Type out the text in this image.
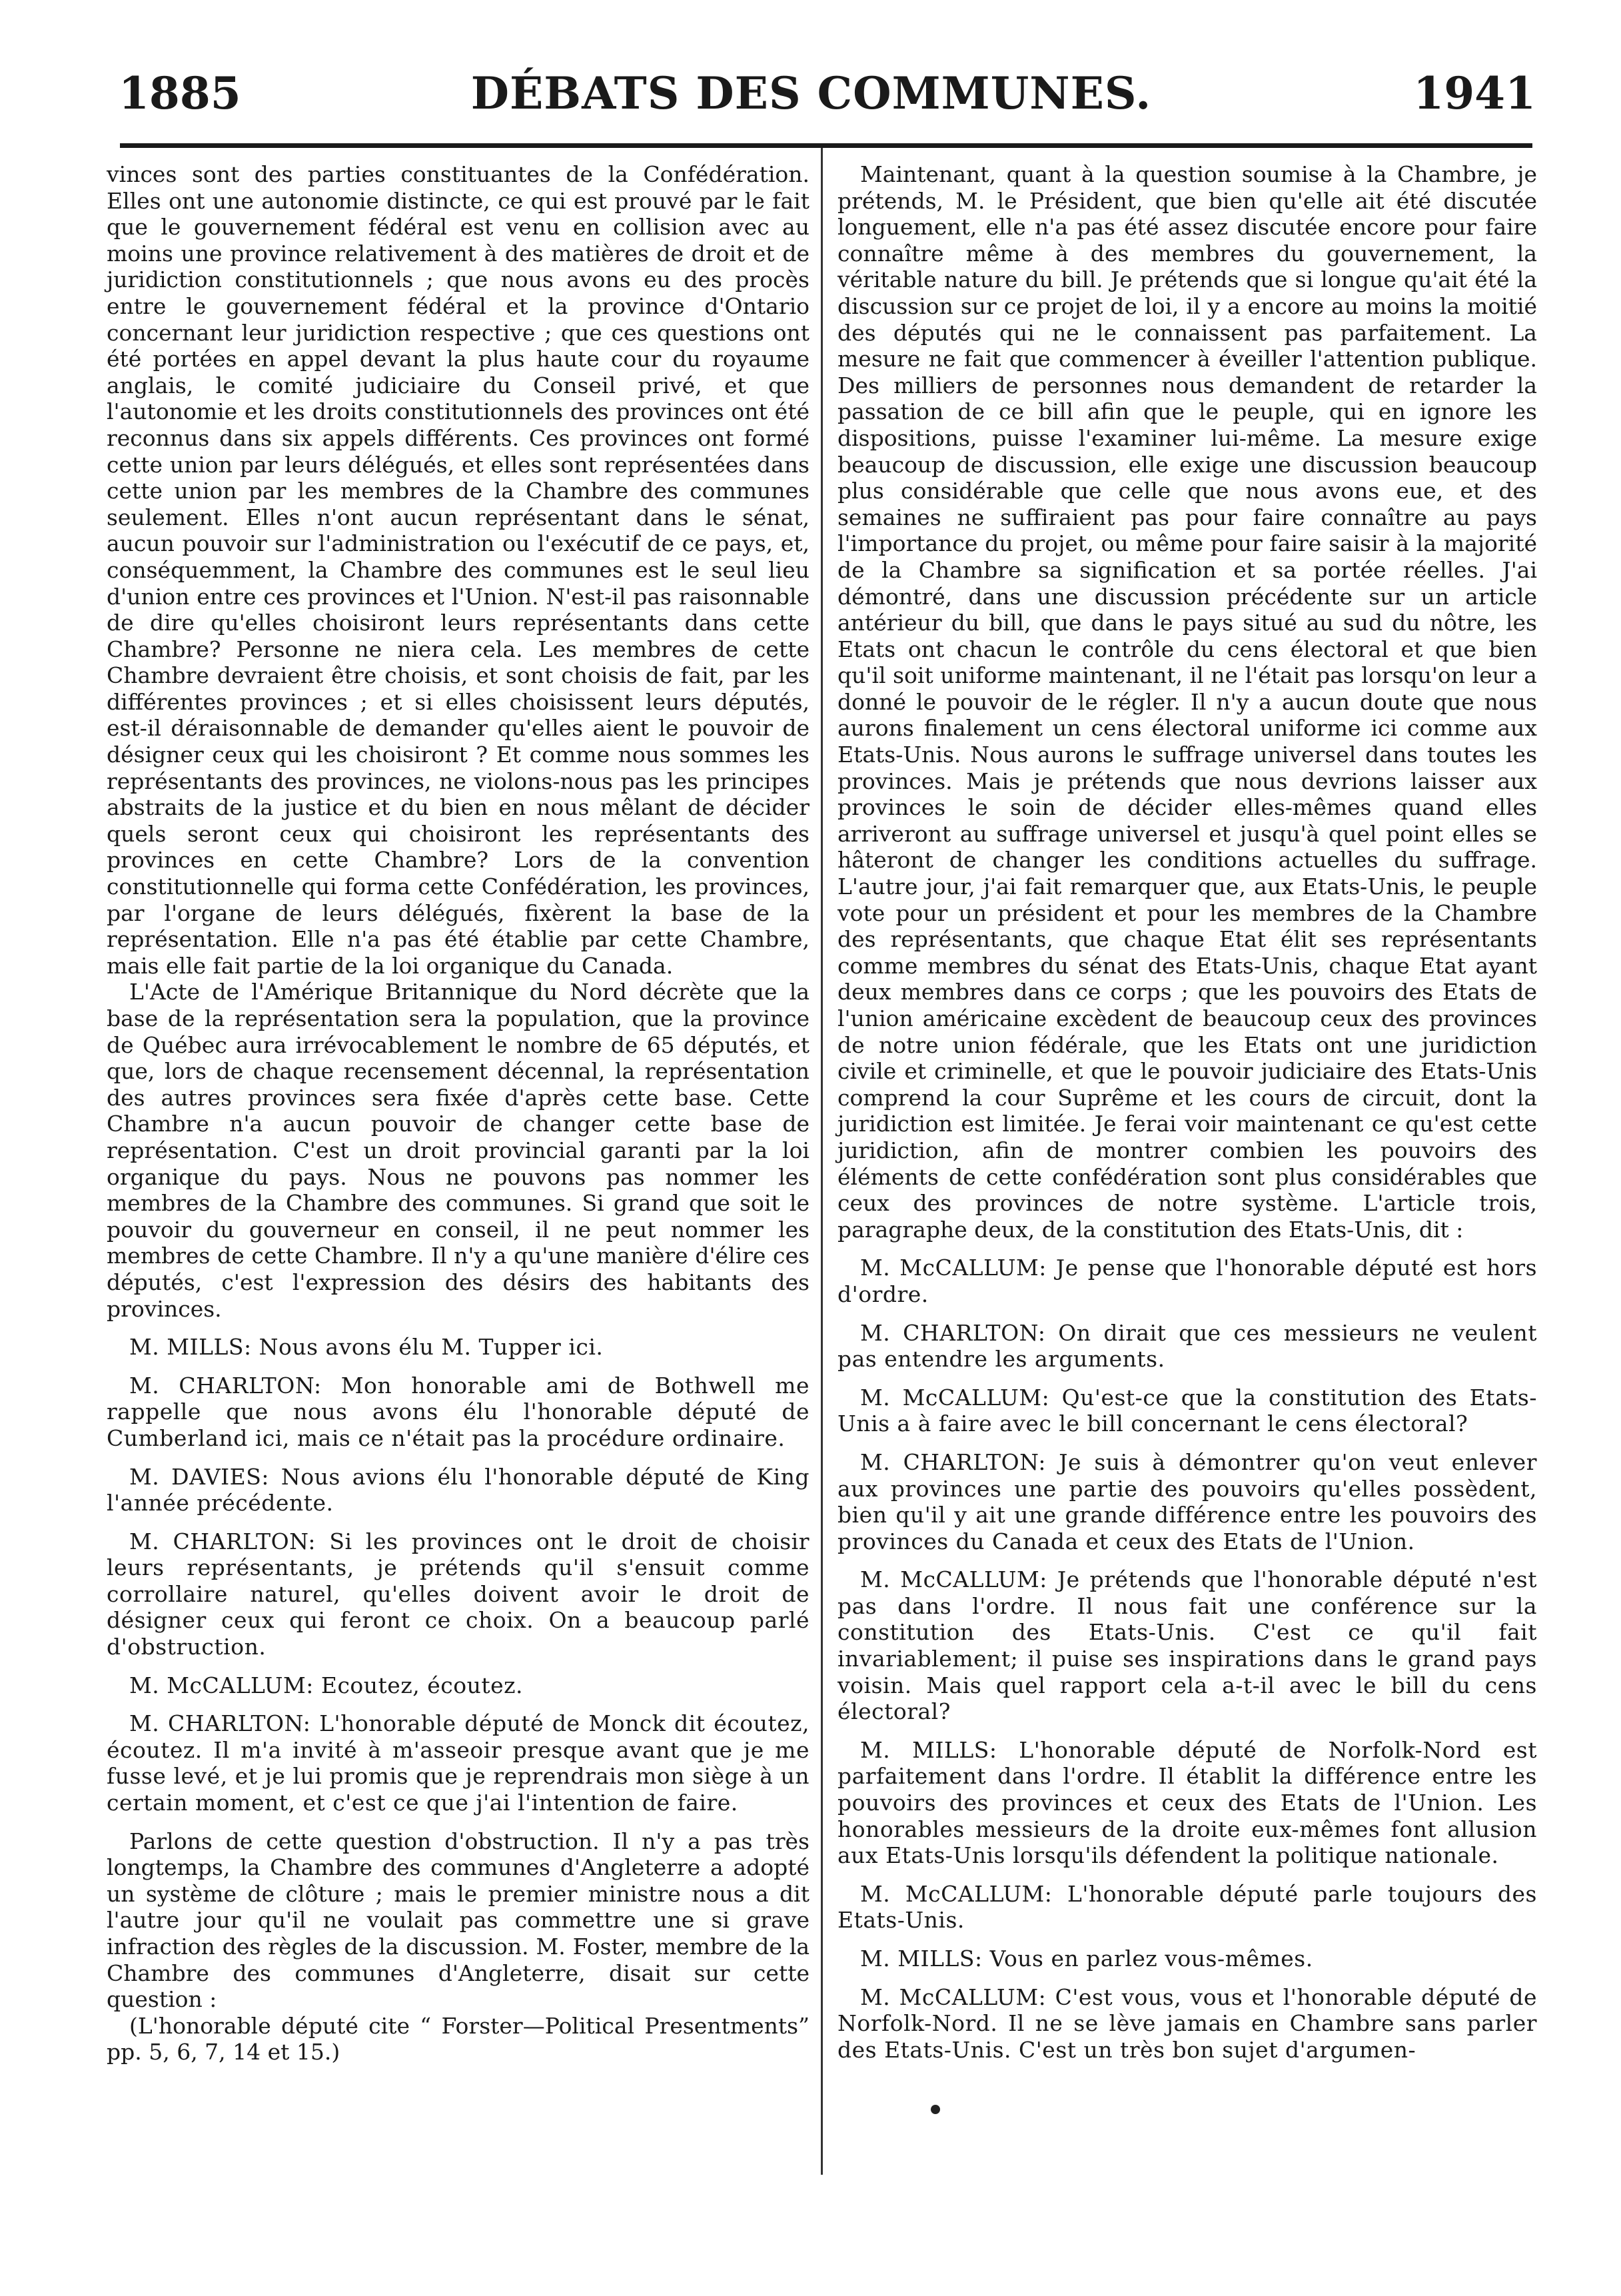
1885	DÉBATS DES COMMUNES.	1941

vinces sont des parties constituantes de la Confédération. Elles ont une autonomie distincte, ce qui est prouvé par le fait que le gouvernement fédéral est venu en collision avec au moins une province relativement à des matières de droit et de juridiction constitutionnels ; que nous avons eu des procès entre le gouvernement fédéral et la province d'Ontario concernant leur juridiction respective ; que ces questions ont été portées en appel devant la plus haute cour du royaume anglais, le comité judiciaire du Conseil privé, et que l'autonomie et les droits constitutionnels des provinces ont été reconnus dans six appels différents. Ces provinces ont formé cette union par leurs délégués, et elles sont représentées dans cette union par les membres de la Chambre des communes seulement. Elles n'ont aucun représentant dans le sénat, aucun pouvoir sur l'administration ou l'exécutif de ce pays, et, conséquemment, la Chambre des communes est le seul lieu d'union entre ces provinces et l'Union. N'est-il pas raisonnable de dire qu'elles choisiront leurs représentants dans cette Chambre? Personne ne niera cela. Les membres de cette Chambre devraient être choisis, et sont choisis de fait, par les différentes provinces ; et si elles choisissent leurs députés, est-il déraisonnable de demander qu'elles aient le pouvoir de désigner ceux qui les choisiront ? Et comme nous sommes les représentants des provinces, ne violons-nous pas les principes abstraits de la justice et du bien en nous mêlant de décider quels seront ceux qui choisiront les représentants des provinces en cette Chambre? Lors de la convention constitutionnelle qui forma cette Confédération, les provinces, par l'organe de leurs délégués, fixèrent la base de la représentation. Elle n'a pas été établie par cette Chambre, mais elle fait partie de la loi organique du Canada.

L'Acte de l'Amérique Britannique du Nord décrète que la base de la représentation sera la population, que la province de Québec aura irrévocablement le nombre de 65 députés, et que, lors de chaque recensement décennal, la représentation des autres provinces sera fixée d'après cette base. Cette Chambre n'a aucun pouvoir de changer cette base de représentation. C'est un droit provincial garanti par la loi organique du pays. Nous ne pouvons pas nommer les membres de la Chambre des communes. Si grand que soit le pouvoir du gouverneur en conseil, il ne peut nommer les membres de cette Chambre. Il n'y a qu'une manière d'élire ces députés, c'est l'expression des désirs des habitants des provinces.

M. MILLS: Nous avons élu M. Tupper ici.

M. CHARLTON: Mon honorable ami de Bothwell me rappelle que nous avons élu l'honorable député de Cumberland ici, mais ce n'était pas la procédure ordinaire.

M. DAVIES: Nous avions élu l'honorable député de King l'année précédente.

M. CHARLTON: Si les provinces ont le droit de choisir leurs représentants, je prétends qu'il s'ensuit comme corrollaire naturel, qu'elles doivent avoir le droit de désigner ceux qui feront ce choix. On a beaucoup parlé d'obstruction.

M. McCALLUM: Ecoutez, écoutez.

M. CHARLTON: L'honorable député de Monck dit écoutez, écoutez. Il m'a invité à m'asseoir presque avant que je me fusse levé, et je lui promis que je reprendrais mon siège à un certain moment, et c'est ce que j'ai l'intention de faire.

Parlons de cette question d'obstruction. Il n'y a pas très longtemps, la Chambre des communes d'Angleterre a adopté un système de clôture ; mais le premier ministre nous a dit l'autre jour qu'il ne voulait pas commettre une si grave infraction des règles de la discussion. M. Foster, membre de la Chambre des communes d'Angleterre, disait sur cette question :

(L'honorable député cite “ Forster—Political Presentments” pp. 5, 6, 7, 14 et 15.)

Maintenant, quant à la question soumise à la Chambre, je prétends, M. le Président, que bien qu'elle ait été discutée longuement, elle n'a pas été assez discutée encore pour faire connaître même à des membres du gouvernement, la véritable nature du bill. Je prétends que si longue qu'ait été la discussion sur ce projet de loi, il y a encore au moins la moitié des députés qui ne le connaissent pas parfaitement. La mesure ne fait que commencer à éveiller l'attention publique. Des milliers de personnes nous demandent de retarder la passation de ce bill afin que le peuple, qui en ignore les dispositions, puisse l'examiner lui-même. La mesure exige beaucoup de discussion, elle exige une discussion beaucoup plus considérable que celle que nous avons eue, et des semaines ne suffiraient pas pour faire connaître au pays l'importance du projet, ou même pour faire saisir à la majorité de la Chambre sa signification et sa portée réelles. J'ai démontré, dans une discussion précédente sur un article antérieur du bill, que dans le pays situé au sud du nôtre, les Etats ont chacun le contrôle du cens électoral et que bien qu'il soit uniforme maintenant, il ne l'était pas lorsqu'on leur a donné le pouvoir de le régler. Il n'y a aucun doute que nous aurons finalement un cens électoral uniforme ici comme aux Etats-Unis. Nous aurons le suffrage universel dans toutes les provinces. Mais je prétends que nous devrions laisser aux provinces le soin de décider elles-mêmes quand elles arriveront au suffrage universel et jusqu'à quel point elles se hâteront de changer les conditions actuelles du suffrage. L'autre jour, j'ai fait remarquer que, aux Etats-Unis, le peuple vote pour un président et pour les membres de la Chambre des représentants, que chaque Etat élit ses représentants comme membres du sénat des Etats-Unis, chaque Etat ayant deux membres dans ce corps ; que les pouvoirs des Etats de l'union américaine excèdent de beaucoup ceux des provinces de notre union fédérale, que les Etats ont une juridiction civile et criminelle, et que le pouvoir judiciaire des Etats-Unis comprend la cour Suprême et les cours de circuit, dont la juridiction est limitée. Je ferai voir maintenant ce qu'est cette juridiction, afin de montrer combien les pouvoirs des éléments de cette confédération sont plus considérables que ceux des provinces de notre système. L'article trois, paragraphe deux, de la constitution des Etats-Unis, dit :

M. McCALLUM: Je pense que l'honorable député est hors d'ordre.

M. CHARLTON: On dirait que ces messieurs ne veulent pas entendre les arguments.

M. McCALLUM: Qu'est-ce que la constitution des Etats-Unis a à faire avec le bill concernant le cens électoral?

M. CHARLTON: Je suis à démontrer qu'on veut enlever aux provinces une partie des pouvoirs qu'elles possèdent, bien qu'il y ait une grande différence entre les pouvoirs des provinces du Canada et ceux des Etats de l'Union.

M. McCALLUM: Je prétends que l'honorable député n'est pas dans l'ordre. Il nous fait une conférence sur la constitution des Etats-Unis. C'est ce qu'il fait invariablement; il puise ses inspirations dans le grand pays voisin. Mais quel rapport cela a-t-il avec le bill du cens électoral?

M. MILLS: L'honorable député de Norfolk-Nord est parfaitement dans l'ordre. Il établit la différence entre les pouvoirs des provinces et ceux des Etats de l'Union. Les honorables messieurs de la droite eux-mêmes font allusion aux Etats-Unis lorsqu'ils défendent la politique nationale.

M. McCALLUM: L'honorable député parle toujours des Etats-Unis.

M. MILLS: Vous en parlez vous-mêmes.

M. McCALLUM: C'est vous, vous et l'honorable député de Norfolk-Nord. Il ne se lève jamais en Chambre sans parler des Etats-Unis. C'est un très bon sujet d'argumen-
